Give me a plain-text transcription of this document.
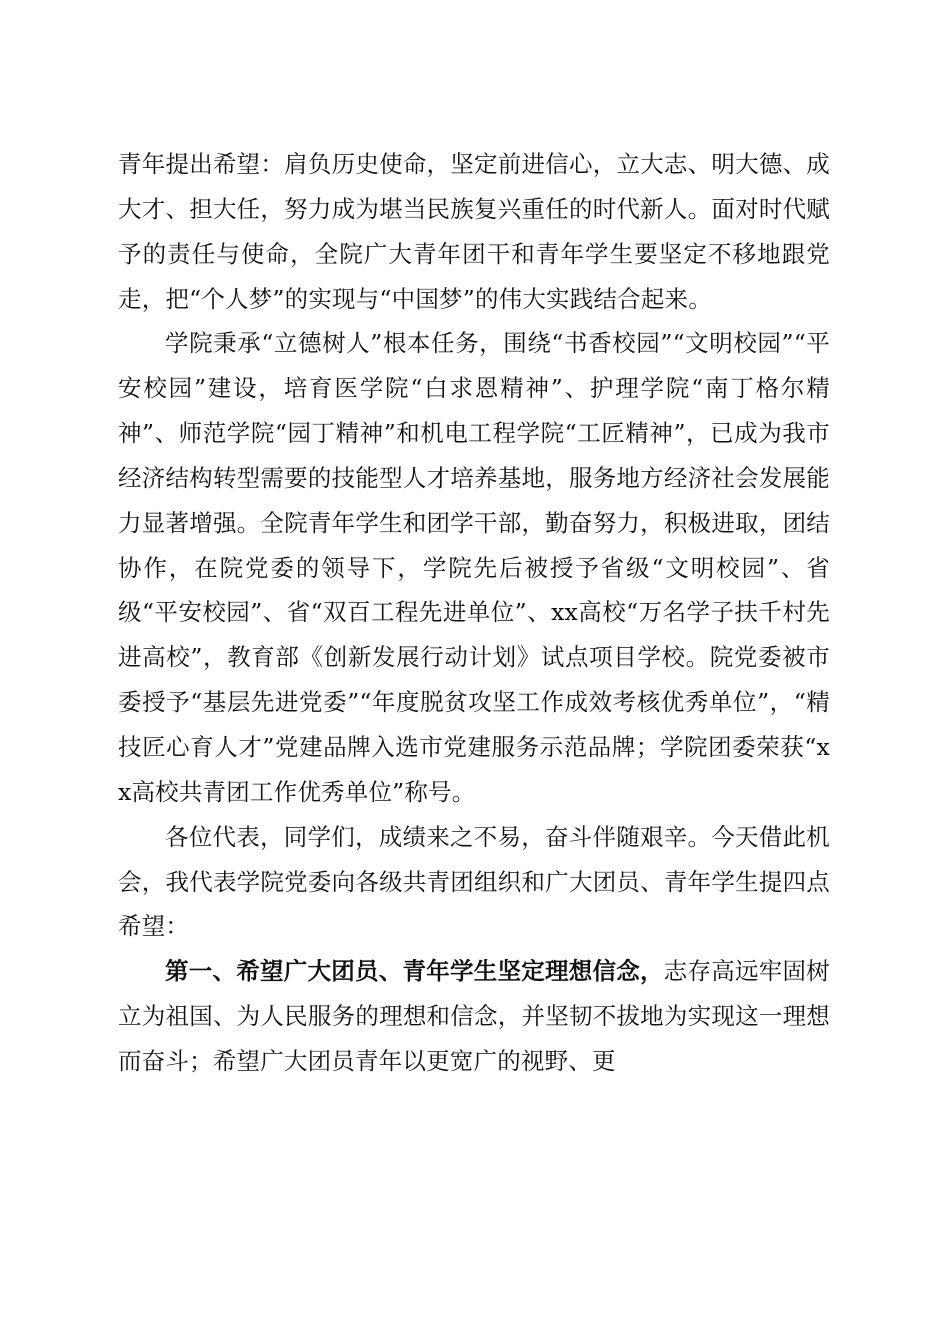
青年提出希望：肩负历史使命，坚定前进信心，立大志、明大德、成大才、担大任，努力成为堪当民族复兴重任的时代新人。面对时代赋予的责任与使命，全院广大青年团干和青年学生要坚定不移地跟党走，把“个人梦”的实现与“中国梦”的伟大实践结合起来。

学院秉承“立德树人”根本任务，围绕“书香校园”“文明校园”“平安校园”建设，培育医学院“白求恩精神”、护理学院“南丁格尔精神”、师范学院“园丁精神”和机电工程学院“工匠精神”，已成为我市经济结构转型需要的技能型人才培养基地，服务地方经济社会发展能力显著增强。全院青年学生和团学干部，勤奋努力，积极进取，团结协作，在院党委的领导下，学院先后被授予省级“文明校园”、省级“平安校园”、省“双百工程先进单位”、xx高校“万名学子扶千村先进高校”，教育部《创新发展行动计划》试点项目学校。院党委被市委授予“基层先进党委”“年度脱贫攻坚工作成效考核优秀单位”，“精技匠心育人才”党建品牌入选市党建服务示范品牌；学院团委荣获“xx高校共青团工作优秀单位”称号。

各位代表，同学们，成绩来之不易，奋斗伴随艰辛。今天借此机会，我代表学院党委向各级共青团组织和广大团员、青年学生提四点希望：

第一、希望广大团员、青年学生坚定理想信念，志存高远牢固树立为祖国、为人民服务的理想和信念，并坚韧不拔地为实现这一理想而奋斗；希望广大团员青年以更宽广的视野、更
